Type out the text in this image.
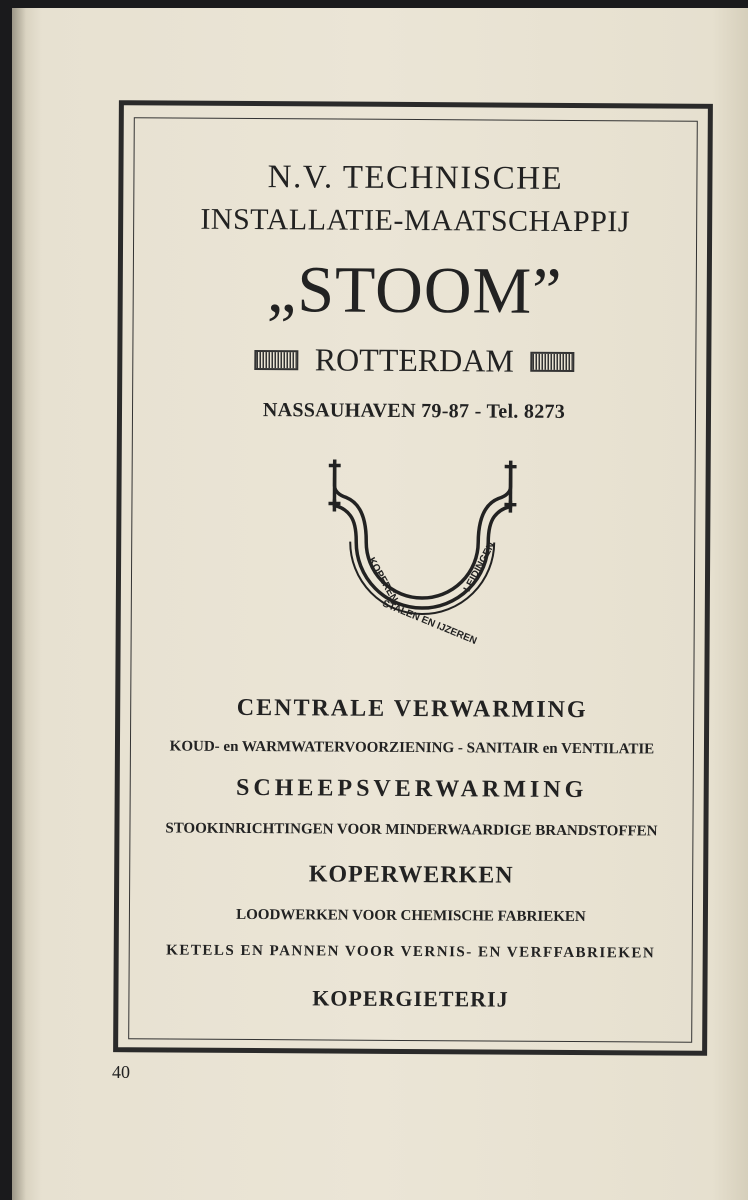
N.V. TECHNISCHE
INSTALLATIE-MAATSCHAPPIJ
„STOOM”
ROTTERDAM
NASSAUHAVEN 79-87 - Tel. 8273
KOPEREN	LEIDINGEN
STALEN EN IJZEREN
CENTRALE VERWARMING
KOUD- en WARMWATERVOORZIENING - SANITAIR en VENTILATIE
SCHEEPSVERWARMING
STOOKINRICHTINGEN VOOR MINDERWAARDIGE BRANDSTOFFEN
KOPERWERKEN
LOODWERKEN VOOR CHEMISCHE FABRIEKEN
KETELS EN PANNEN VOOR VERNIS- EN VERFFABRIEKEN
KOPERGIETERIJ
40
